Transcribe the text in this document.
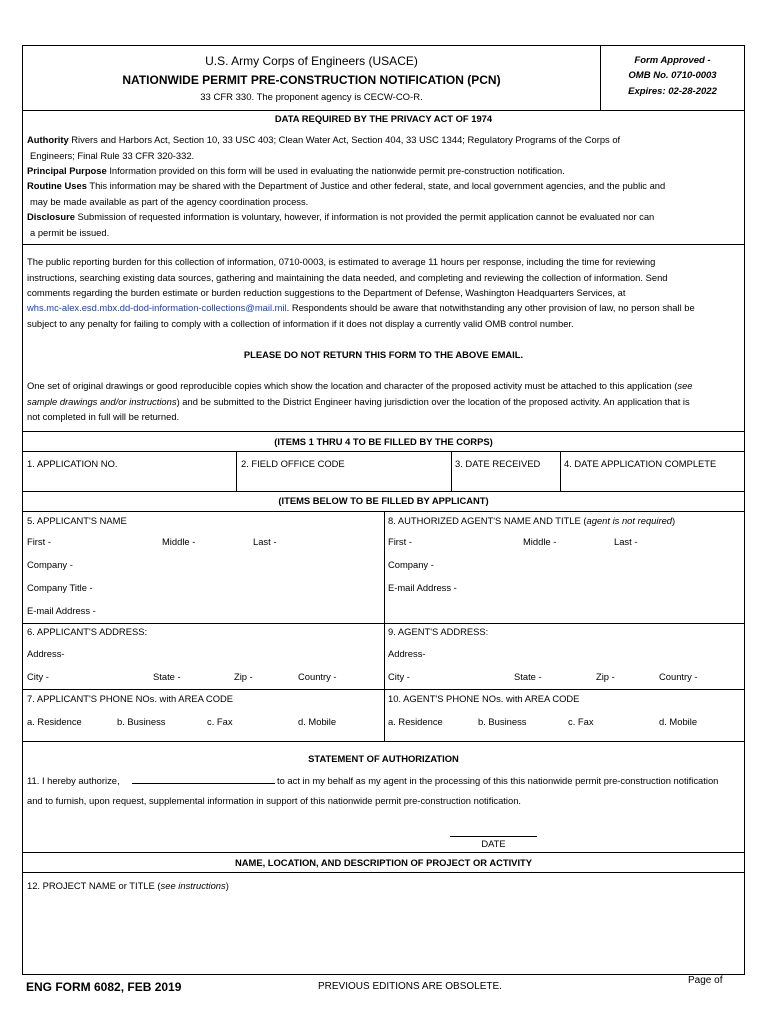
U.S. Army Corps of Engineers (USACE)
NATIONWIDE PERMIT PRE-CONSTRUCTION NOTIFICATION (PCN)
33 CFR 330. The proponent agency is CECW-CO-R.
Form Approved -
OMB No. 0710-0003
Expires: 02-28-2022
DATA REQUIRED BY THE PRIVACY ACT OF 1974
Authority Rivers and Harbors Act, Section 10, 33 USC 403; Clean Water Act, Section 404, 33 USC 1344; Regulatory Programs of the Corps of
Engineers; Final Rule 33 CFR 320-332.
Principal Purpose Information provided on this form will be used in evaluating the nationwide permit pre-construction notification.
Routine Uses This information may be shared with the Department of Justice and other federal, state, and local government agencies, and the public and
may be made available as part of the agency coordination process.
Disclosure Submission of requested information is voluntary, however, if information is not provided the permit application cannot be evaluated nor can
a permit be issued.
The public reporting burden for this collection of information, 0710-0003, is estimated to average 11 hours per response, including the time for reviewing
instructions, searching existing data sources, gathering and maintaining the data needed, and completing and reviewing the collection of information. Send
comments regarding the burden estimate or burden reduction suggestions to the Department of Defense, Washington Headquarters Services, at
whs.mc-alex.esd.mbx.dd-dod-information-collections@mail.mil. Respondents should be aware that notwithstanding any other provision of law, no person shall be
subject to any penalty for failing to comply with a collection of information if it does not display a currently valid OMB control number.
PLEASE DO NOT RETURN THIS FORM TO THE ABOVE EMAIL.
One set of original drawings or good reproducible copies which show the location and character of the proposed activity must be attached to this application (see
sample drawings and/or instructions) and be submitted to the District Engineer having jurisdiction over the location of the proposed activity. An application that is
not completed in full will be returned.
(ITEMS 1 THRU 4 TO BE FILLED BY THE CORPS)
1. APPLICATION NO.	2. FIELD OFFICE CODE	3. DATE RECEIVED	4. DATE APPLICATION COMPLETE
(ITEMS BELOW TO BE FILLED BY APPLICANT)
5. APPLICANT'S NAME
First -	Middle -	Last -
Company -
Company Title -
E-mail Address -
6. APPLICANT'S ADDRESS:
Address-
City -	State -	Zip -	Country -
7. APPLICANT'S PHONE NOs. with AREA CODE
a. Residence	b. Business	c. Fax	d. Mobile
8. AUTHORIZED AGENT'S NAME AND TITLE (agent is not required)
First -	Middle -	Last -
Company -
E-mail Address -
9. AGENT'S ADDRESS:
Address-
City -	State -	Zip -	Country -
10. AGENT'S PHONE NOs. with AREA CODE
a. Residence	b. Business	c. Fax	d. Mobile
STATEMENT OF AUTHORIZATION
11. I hereby authorize,	to act in my behalf as my agent in the processing of this this nationwide permit pre-construction notification
and to furnish, upon request, supplemental information in support of this nationwide permit pre-construction notification.
DATE
NAME, LOCATION, AND DESCRIPTION OF PROJECT OR ACTIVITY
12. PROJECT NAME or TITLE (see instructions)
ENG FORM 6082, FEB 2019	PREVIOUS EDITIONS ARE OBSOLETE.
Page of
